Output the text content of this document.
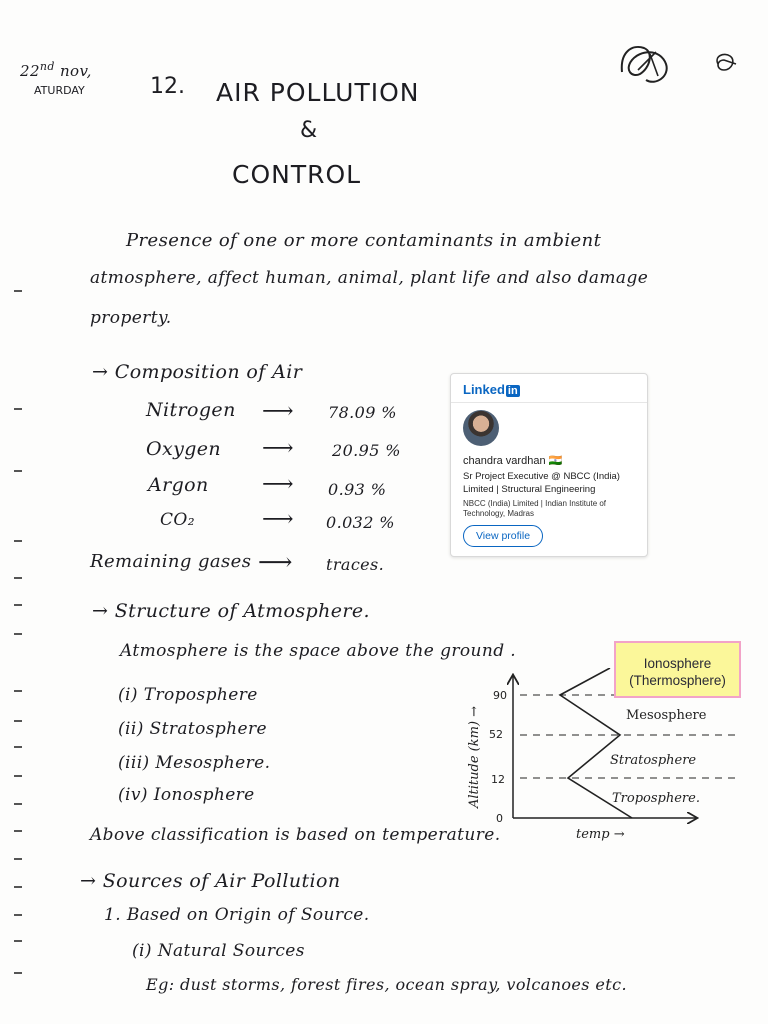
22nd nov,
ATURDAY	12. AIR POLLUTION
&
CONTROL
Presence of one or more contaminants in ambient
atmosphere, affect human, animal, plant life and also damage
property.
→ Composition of Air
Nitrogen ⟶ 78.09 %
Oxygen ⟶ 20.95 %
Argon ⟶ 0.93 %
CO₂	⟶ 0.032 %
Remaining gases ⟶ traces.
Linked in
chandra vardhan 🇮🇳
Sr Project Executive @ NBCC (India) Limited | Structural Engineering
NBCC (India) Limited | Indian Institute of Technology, Madras
View profile
→ Structure of Atmosphere.
Atmosphere is the space above the ground .
(i) Troposphere
(ii) Stratosphere
(iii) Mesosphere.
(iv) Ionosphere
90
52
12
0
Altitude (km) →	Mesosphere
Stratosphere
Troposphere.
temp →
Ionosphere
(Thermosphere)
Above classification is based on temperature.
→ Sources of Air Pollution
1. Based on Origin of Source.
(i) Natural Sources
Eg: dust storms, forest fires, ocean spray, volcanoes etc.
